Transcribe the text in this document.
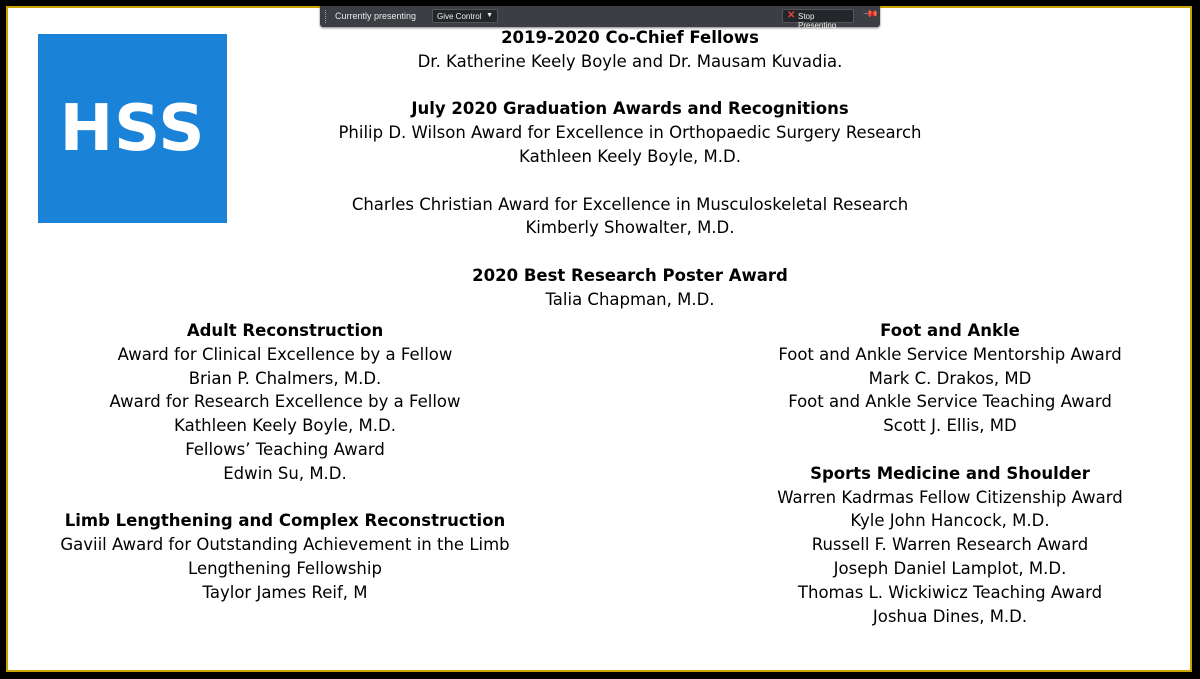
HSS
2019-2020 Co-Chief Fellows
Dr. Katherine Keely Boyle and Dr. Mausam Kuvadia.
July 2020 Graduation Awards and Recognitions
Philip D. Wilson Award for Excellence in Orthopaedic Surgery Research
Kathleen Keely Boyle, M.D.
Charles Christian Award for Excellence in Musculoskeletal Research
Kimberly Showalter, M.D.
2020 Best Research Poster Award
Talia Chapman, M.D.
Adult Reconstruction
Award for Clinical Excellence by a Fellow
Brian P. Chalmers, M.D.
Award for Research Excellence by a Fellow
Kathleen Keely Boyle, M.D.
Fellows’ Teaching Award
Edwin Su, M.D.
Limb Lengthening and Complex Reconstruction
Gaviil Award for Outstanding Achievement in the Limb
Lengthening Fellowship
Taylor James Reif, M
Foot and Ankle
Foot and Ankle Service Mentorship Award
Mark C. Drakos, MD
Foot and Ankle Service Teaching Award
Scott J. Ellis, MD
Sports Medicine and Shoulder
Warren Kadrmas Fellow Citizenship Award
Kyle John Hancock, M.D.
Russell F. Warren Research Award
Joseph Daniel Lamplot, M.D.
Thomas L. Wickiwicz Teaching Award
Joshua Dines, M.D.
Currently presenting	Give Control ▼	✕ Stop Presenting
📌
